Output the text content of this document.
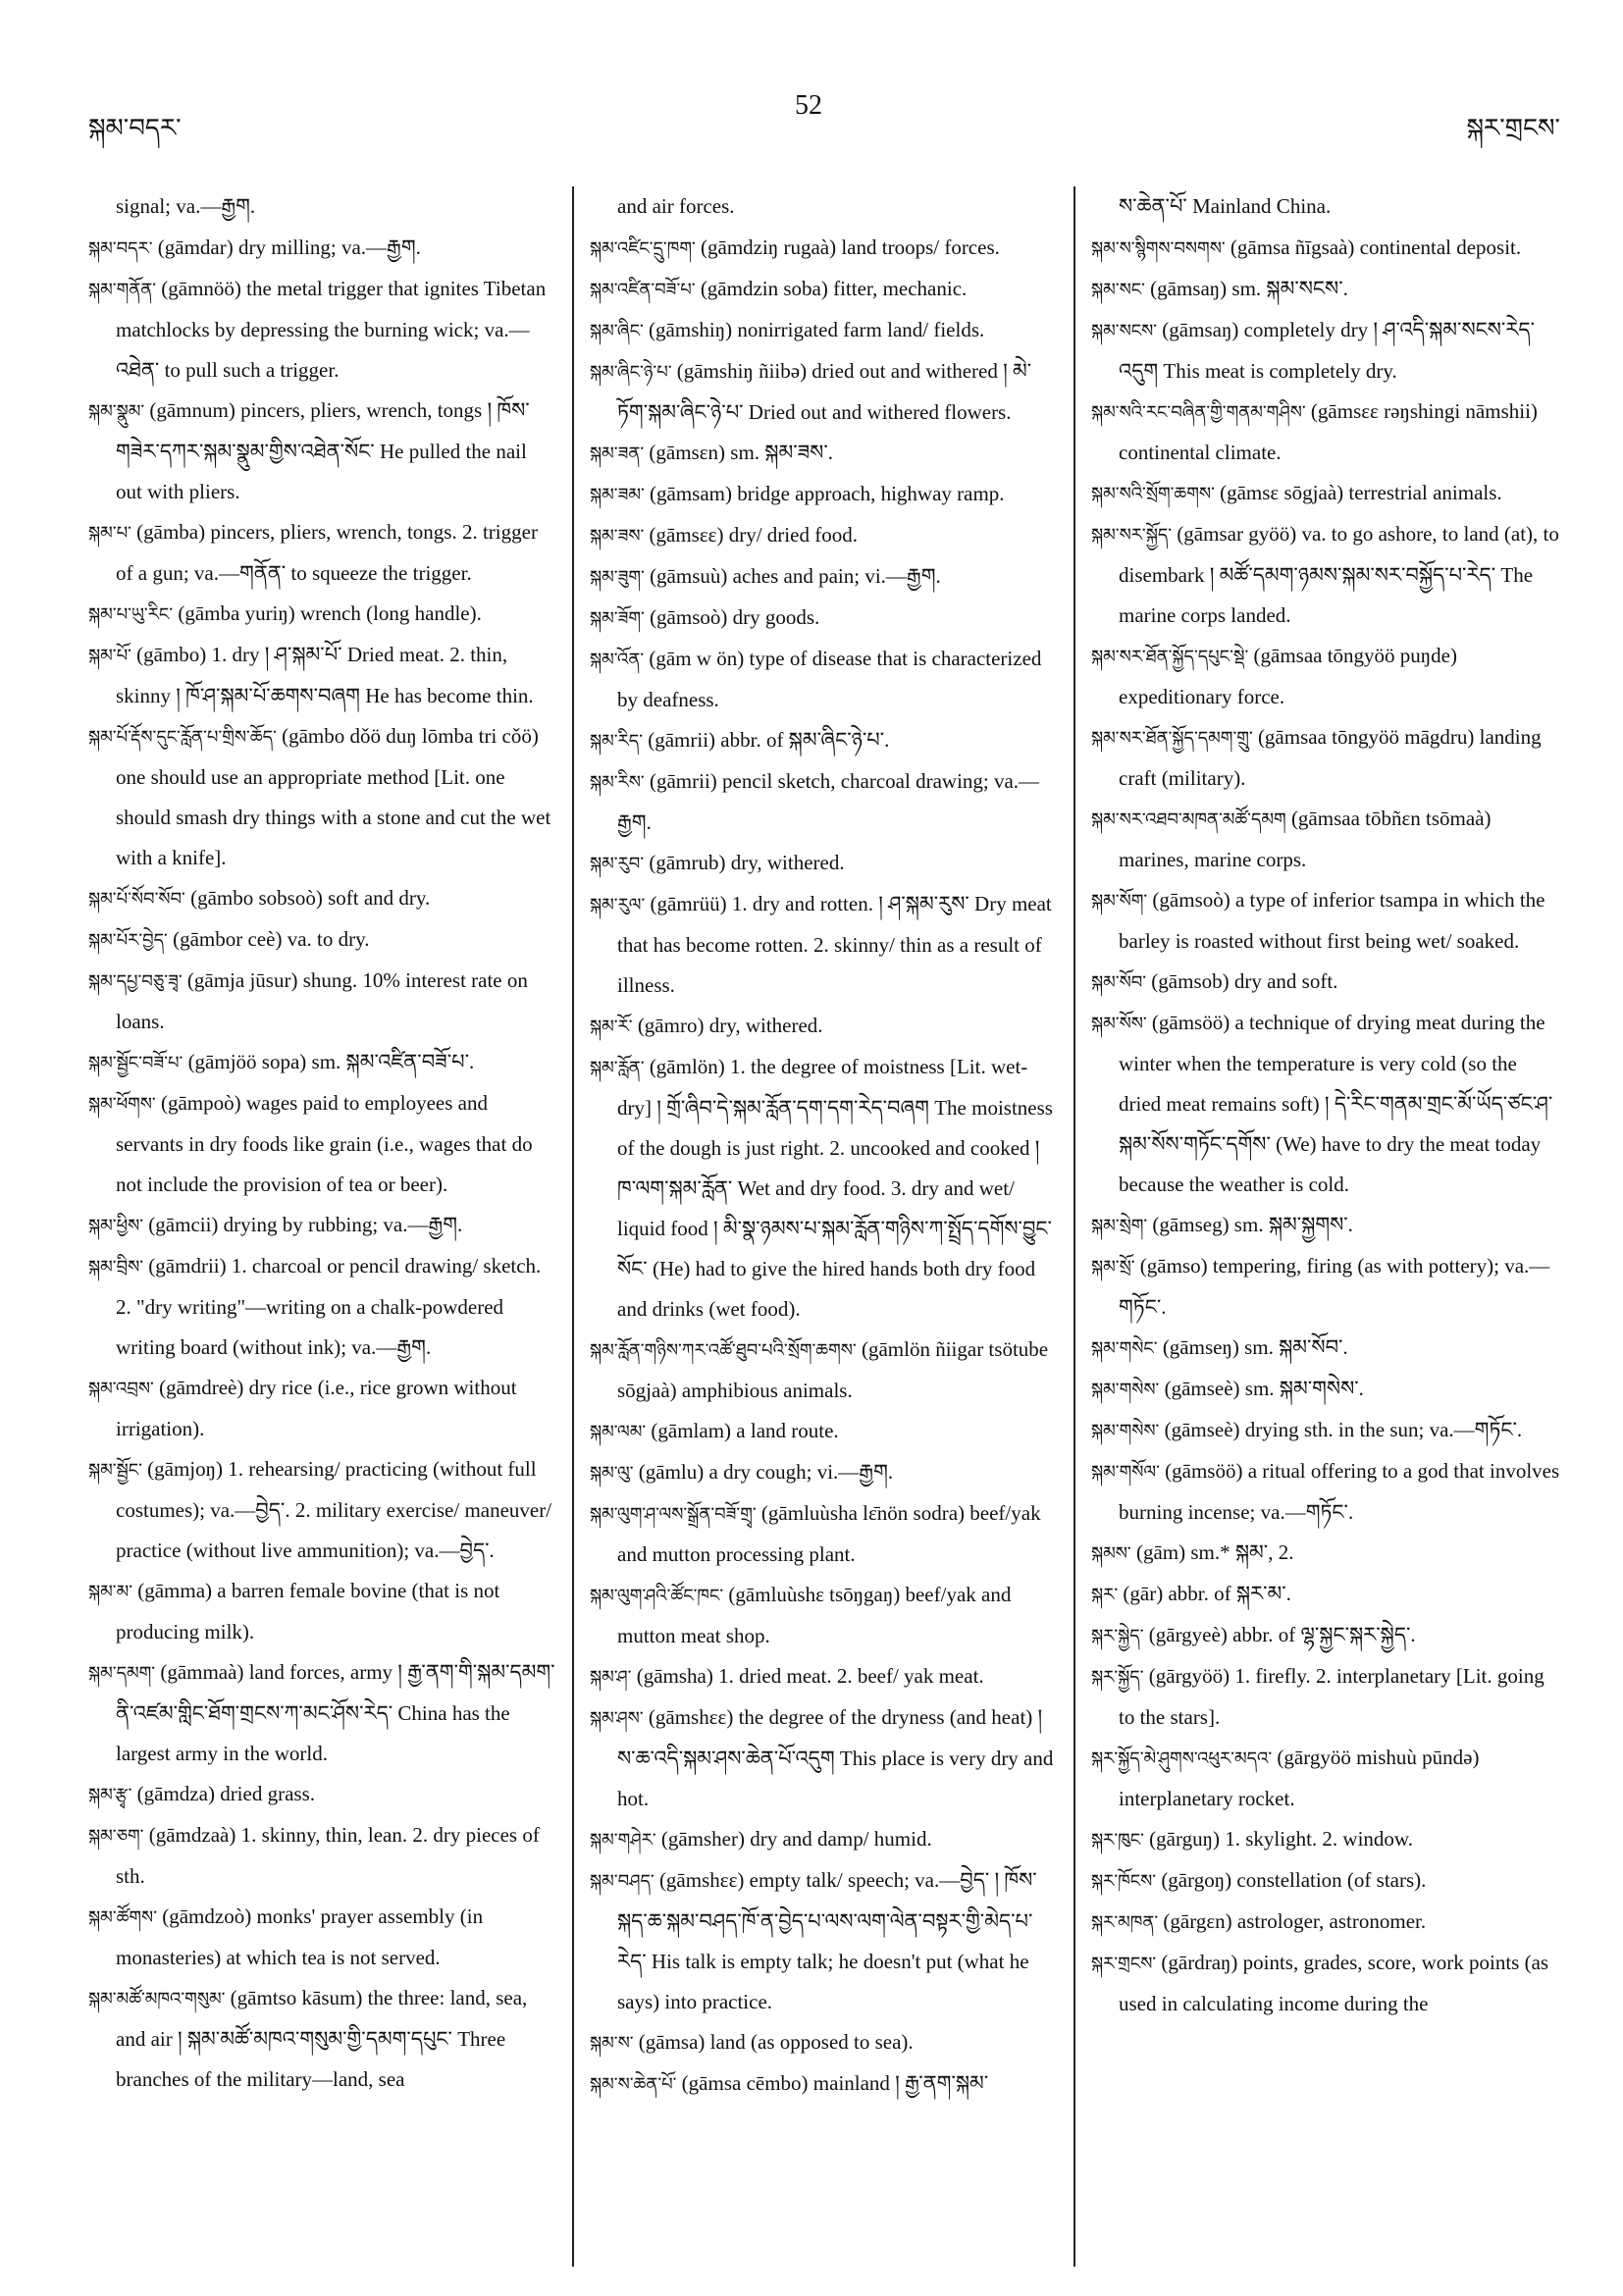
སྐམ་བདར་
52
སྐར་གྲངས་

signal; va.—རྒྱག.

སྐམ་བདར་ (gāmdar) dry milling; va.—རྒྱག.

སྐམ་གནོན་ (gāmnöö) the metal trigger that ignites Tibetan matchlocks by depressing the burning wick; va.—འཐེན་ to pull such a trigger.

སྐམ་སྣུམ་ (gāmnum) pincers, pliers, wrench, tongs ། ཁོས་གཟེར་དཀར་སྐམ་སྣུམ་གྱིས་འཐེན་སོང་ He pulled the nail out with pliers.

སྐམ་པ་ (gāmba) pincers, pliers, wrench, tongs. 2. trigger of a gun; va.—གནོན་ to squeeze the trigger.

སྐམ་པ་ཡུ་རིང་ (gāmba yuriŋ) wrench (long handle).

སྐམ་པོ་ (gāmbo) 1. dry ། ཤ་སྐམ་པོ་ Dried meat. 2. thin, skinny ། ཁོ་ཤ་སྐམ་པོ་ཆགས་བཞག He has become thin.

སྐམ་པོ་རྡོས་དུང་རློན་པ་གྲིས་ཆོད་ (gāmbo dǒö duŋ lōmba tri cǒö) one should use an appropriate method [Lit. one should smash dry things with a stone and cut the wet with a knife].

སྐམ་པོ་སོབ་སོབ་ (gāmbo sobsoò) soft and dry.

སྐམ་པོར་བྱེད་ (gāmbor ceè) va. to dry.

སྐམ་དཔྱ་བཅུ་ཟྭ་ (gāmja jūsur) shung. 10% interest rate on loans.

སྐམ་སྦྱོང་བཟོ་པ་ (gāmjöö sopa) sm. སྐམ་འཛིན་བཟོ་པ་.

སྐམ་ཕོགས་ (gāmpoò) wages paid to employees and servants in dry foods like grain (i.e., wages that do not include the provision of tea or beer).

སྐམ་ཕྱིས་ (gāmcii) drying by rubbing; va.—རྒྱག.

སྐམ་བྲིས་ (gāmdrii) 1. charcoal or pencil drawing/ sketch. 2. "dry writing"—writing on a chalk-powdered writing board (without ink); va.—རྒྱག.

སྐམ་འབྲས་ (gāmdreè) dry rice (i.e., rice grown without irrigation).

སྐམ་སྦྱོང་ (gāmjoŋ) 1. rehearsing/ practicing (without full costumes); va.—བྱེད་. 2. military exercise/ maneuver/ practice (without live ammunition); va.—བྱེད་.

སྐམ་མ་ (gāmma) a barren female bovine (that is not producing milk).

སྐམ་དམག་ (gāmmaà) land forces, army ། རྒྱ་ནག་གི་སྐམ་དམག་ནི་འཛམ་གླིང་ཐོག་གྲངས་ཀ་མང་ཤོས་རེད་ China has the largest army in the world.

སྐམ་རྩྭ་ (gāmdza) dried grass.

སྐམ་ཅག་ (gāmdzaà) 1. skinny, thin, lean. 2. dry pieces of sth.

སྐམ་ཚོགས་ (gāmdzoò) monks' prayer assembly (in monasteries) at which tea is not served.

སྐམ་མཚོ་མཁའ་གསུམ་ (gāmtso kāsum) the three: land, sea, and air ། སྐམ་མཚོ་མཁའ་གསུམ་གྱི་དམག་དཔུང་ Three branches of the military—land, sea

and air forces.

སྐམ་འཛིང་དྲུ་ཁག་ (gāmdziŋ rugaà) land troops/ forces.

སྐམ་འཛིན་བཟོ་པ་ (gāmdzin soba) fitter, mechanic.

སྐམ་ཞིང་ (gāmshiŋ) nonirrigated farm land/ fields.

སྐམ་ཞིང་ཉེ་པ་ (gāmshiŋ ñiibə) dried out and withered ། མེ་ཏོག་སྐམ་ཞིང་ཉེ་པ་ Dried out and withered flowers.

སྐམ་ཟན་ (gāmsɛn) sm. སྐམ་ཟས་.

སྐམ་ཟམ་ (gāmsam) bridge approach, highway ramp.

སྐམ་ཟས་ (gāmsɛɛ) dry/ dried food.

སྐམ་ཟུག་ (gāmsuù) aches and pain; vi.—རྒྱག.

སྐམ་ཟོག་ (gāmsoò) dry goods.

སྐམ་འོན་ (gām w ön) type of disease that is characterized by deafness.

སྐམ་རིད་ (gāmrii) abbr. of སྐམ་ཞིང་ཉེ་པ་.

སྐམ་རིས་ (gāmrii) pencil sketch, charcoal drawing; va.—རྒྱག.

སྐམ་རུབ་ (gāmrub) dry, withered.

སྐམ་རུལ་ (gāmrüü) 1. dry and rotten. ། ཤ་སྐམ་རུས་ Dry meat that has become rotten. 2. skinny/ thin as a result of illness.

སྐམ་རོ་ (gāmro) dry, withered.

སྐམ་རློན་ (gāmlön) 1. the degree of moistness [Lit. wet-dry] ། གྲོ་ཞིབ་དེ་སྐམ་རློན་དག་དག་རེད་བཞག The moistness of the dough is just right. 2. uncooked and cooked ། ཁ་ལག་སྐམ་རློན་ Wet and dry food. 3. dry and wet/ liquid food ། མི་སྣ་ཉམས་པ་སྐམ་རློན་གཉིས་ཀ་སྤྲོད་དགོས་བྱུང་སོང་ (He) had to give the hired hands both dry food and drinks (wet food).

སྐམ་རློན་གཉིས་ཀར་འཚོ་ཐུབ་པའི་སྲོག་ཆགས་ (gāmlön ñiigar tsötube sōgjaà) amphibious animals.

སྐམ་ལམ་ (gāmlam) a land route.

སྐམ་ལུ་ (gāmlu) a dry cough; vi.—རྒྱག.

སྐམ་ལུག་ཤ་ལས་སྒྲོན་བཟོ་གྲྭ་ (gāmluùsha lɛ̄nön sodra) beef/yak and mutton processing plant.

སྐམ་ལུག་ཤའི་ཚོང་ཁང་ (gāmluùshɛ tsōŋgaŋ) beef/yak and mutton meat shop.

སྐམ་ཤ་ (gāmsha) 1. dried meat. 2. beef/ yak meat.

སྐམ་ཤས་ (gāmshɛɛ) the degree of the dryness (and heat) ། ས་ཆ་འདི་སྐམ་ཤས་ཆེན་པོ་འདུག This place is very dry and hot.

སྐམ་གཤེར་ (gāmsher) dry and damp/ humid.

སྐམ་བཤད་ (gāmshɛɛ) empty talk/ speech; va.—བྱེད་ ། ཁོས་སྐད་ཆ་སྐམ་བཤད་ཁོ་ན་བྱེད་པ་ལས་ལག་ལེན་བསྟར་གྱི་མེད་པ་རེད་ His talk is empty talk; he doesn't put (what he says) into practice.

སྐམ་ས་ (gāmsa) land (as opposed to sea).

སྐམ་ས་ཆེན་པོ་ (gāmsa cēmbo) mainland ། རྒྱ་ནག་སྐམ་

ས་ཆེན་པོ་ Mainland China.

སྐམ་ས་སྙིགས་བསགས་ (gāmsa ñīgsaà) continental deposit.

སྐམ་སང་ (gāmsaŋ) sm. སྐམ་སངས་.

སྐམ་སངས་ (gāmsaŋ) completely dry ། ཤ་འདི་སྐམ་སངས་རེད་འདུག This meat is completely dry.

སྐམ་སའི་རང་བཞིན་གྱི་གནམ་གཤིས་ (gāmsɛɛ rəŋshingi nāmshii) continental climate.

སྐམ་སའི་སྲོག་ཆགས་ (gāmsɛ sōgjaà) terrestrial animals.

སྐམ་སར་སྐྱོད་ (gāmsar gyöö) va. to go ashore, to land (at), to disembark ། མཚོ་དམག་ཉམས་སྐམ་སར་བསྐྱོད་པ་རེད་ The marine corps landed.

སྐམ་སར་ཐོན་སྐྱོད་དཔུང་སྡེ་ (gāmsaa tōngyöö puŋde) expeditionary force.

སྐམ་སར་ཐོན་སྐྱོད་དམག་གྲུ་ (gāmsaa tōngyöö māgdru) landing craft (military).

སྐམ་སར་འཐབ་མཁན་མཚོ་དམག (gāmsaa tōbñɛn tsōmaà) marines, marine corps.

སྐམ་སོག་ (gāmsoò) a type of inferior tsampa in which the barley is roasted without first being wet/ soaked.

སྐམ་སོབ་ (gāmsob) dry and soft.

སྐམ་སོས་ (gāmsöö) a technique of drying meat during the winter when the temperature is very cold (so the dried meat remains soft) ། དེ་རིང་གནམ་གྲང་མོ་ཡོད་ཙང་ཤ་སྐམ་སོས་གཏོང་དགོས་ (We) have to dry the meat today because the weather is cold.

སྐམ་སྲེག་ (gāmseg) sm. སྐམ་སྐྱགས་.

སྐམ་སྲོ་ (gāmso) tempering, firing (as with pottery); va.—གཏོང་.

སྐམ་གསེང་ (gāmseŋ) sm. སྐམ་སོབ་.

སྐམ་གསེས་ (gāmseè) sm. སྐམ་གསེས་.

སྐམ་གསེས་ (gāmseè) drying sth. in the sun; va.—གཏོང་.

སྐམ་གསོལ་ (gāmsöö) a ritual offering to a god that involves burning incense; va.—གཏོང་.

སྐམས་ (gām) sm.* སྐམ་, 2.

སྐར་ (gār) abbr. of སྐར་མ་.

སྐར་སྐྱེད་ (gārgyeè) abbr. of ལྷ་སྐྱང་སྐར་སྐྱེད་.

སྐར་སྐྱོད་ (gārgyöö) 1. firefly. 2. interplanetary [Lit. going to the stars].

སྐར་སྐྱོད་མེ་ཤུགས་འཕུར་མདའ་ (gārgyöö mishuù pūndə) interplanetary rocket.

སྐར་ཁུང་ (gārguŋ) 1. skylight. 2. window.

སྐར་ཁོངས་ (gārgoŋ) constellation (of stars).

སྐར་མཁན་ (gārgɛn) astrologer, astronomer.

སྐར་གྲངས་ (gārdraŋ) points, grades, score, work points (as used in calculating income during the
